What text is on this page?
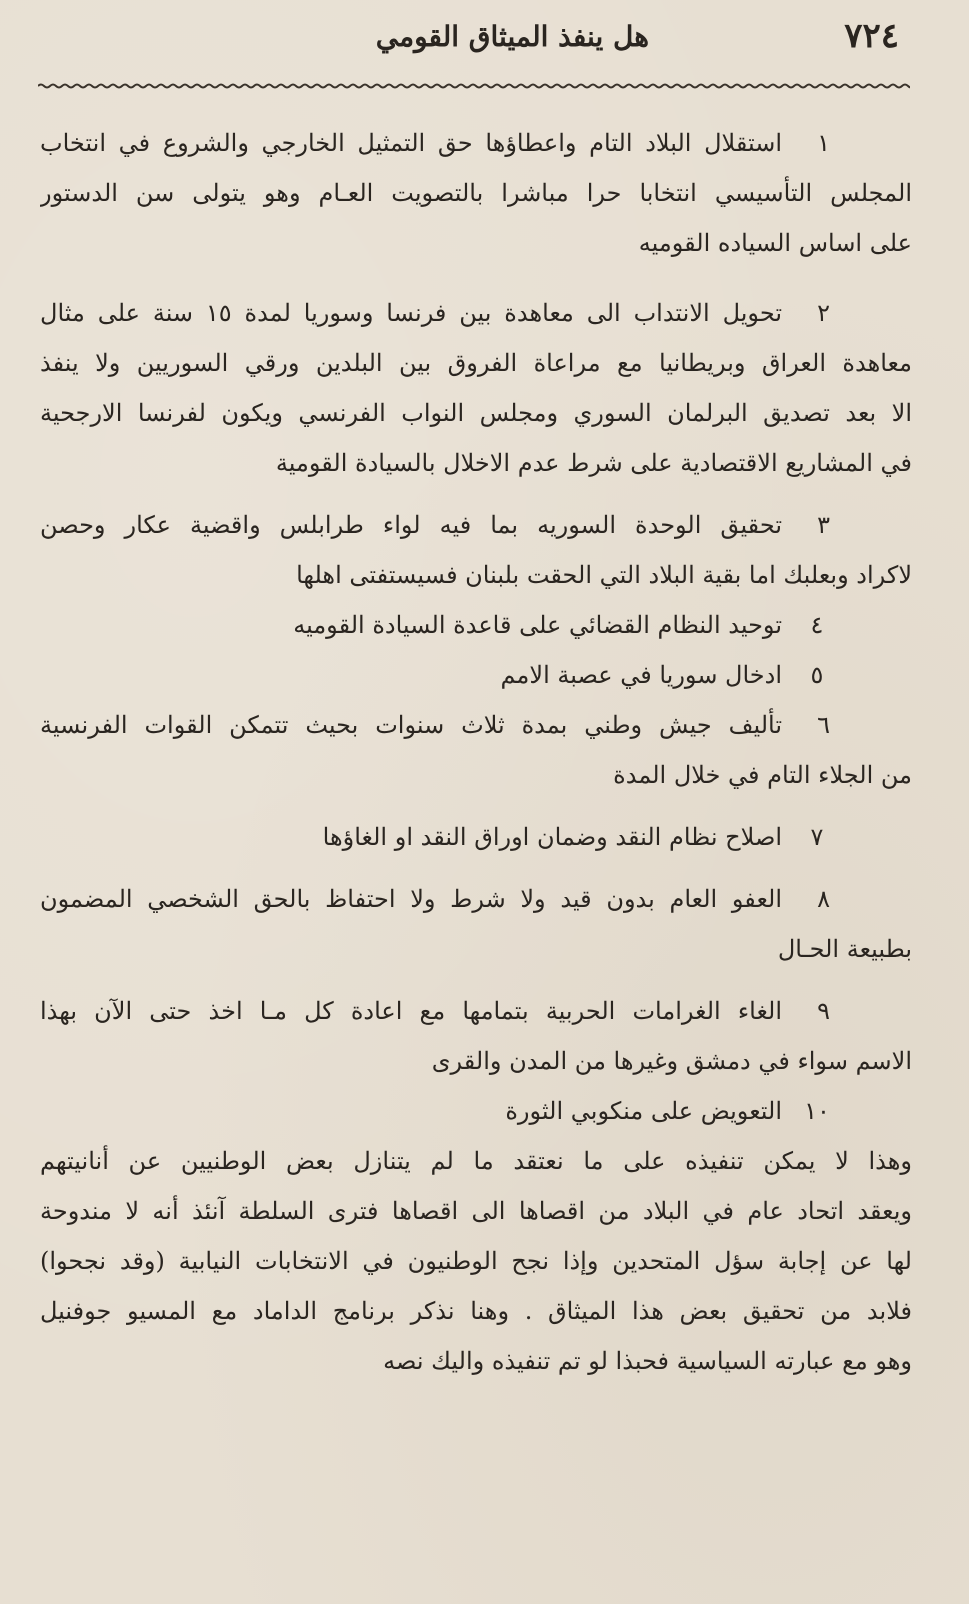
٧٢٤
هل ينفذ الميثاق القومي
١استقلال البلاد التام واعطاؤها حق التمثيل الخارجي والشروع في انتخاب
المجلس التأسيسي انتخابا حرا مباشرا بالتصويت العـام وهو يتولى سن الدستور
على اساس السياده القوميه
٢تحويل الانتداب الى معاهدة بين فرنسا وسوريا لمدة ١٥ سنة على مثال
معاهدة العراق وبريطانيا مع مراعاة الفروق بين البلدين ورقي السوريين ولا ينفذ
الا بعد تصديق البرلمان السوري ومجلس النواب الفرنسي ويكون لفرنسا الارجحية
في المشاريع الاقتصادية على شرط عدم الاخلال بالسيادة القومية
٣تحقيق الوحدة السوريه بما فيه لواء طرابلس واقضية عكار وحصن
لاكراد وبعلبك اما بقية البلاد التي الحقت بلبنان فسيستفتى اهلها
٤توحيد النظام القضائي على قاعدة السيادة القوميه
٥ادخال سوريا في عصبة الامم
٦تأليف جيش وطني بمدة ثلاث سنوات بحيث تتمكن القوات الفرنسية
من الجلاء التام في خلال المدة
٧اصلاح نظام النقد وضمان اوراق النقد او الغاؤها
٨العفو العام بدون قيد ولا شرط ولا احتفاظ بالحق الشخصي المضمون
بطبيعة الحـال
٩الغاء الغرامات الحربية بتمامها مع اعادة كل مـا اخذ حتى الآن بهذا
الاسم سواء في دمشق وغيرها من المدن والقرى
١٠التعويض على منكوبي الثورة
وهذا لا يمكن تنفيذه على ما نعتقد ما لم يتنازل بعض الوطنيين عن أنانيتهم
ويعقد اتحاد عام في البلاد من اقصاها الى اقصاها فترى السلطة آنئذ أنه لا مندوحة
لها عن إجابة سؤل المتحدين وإذا نجح الوطنيون في الانتخابات النيابية (وقد نجحوا)
فلابد من تحقيق بعض هذا الميثاق . وهنا نذكر برنامج الداماد مع المسيو جوفنيل
وهو مع عبارته السياسية فحبذا لو تم تنفيذه واليك نصه
